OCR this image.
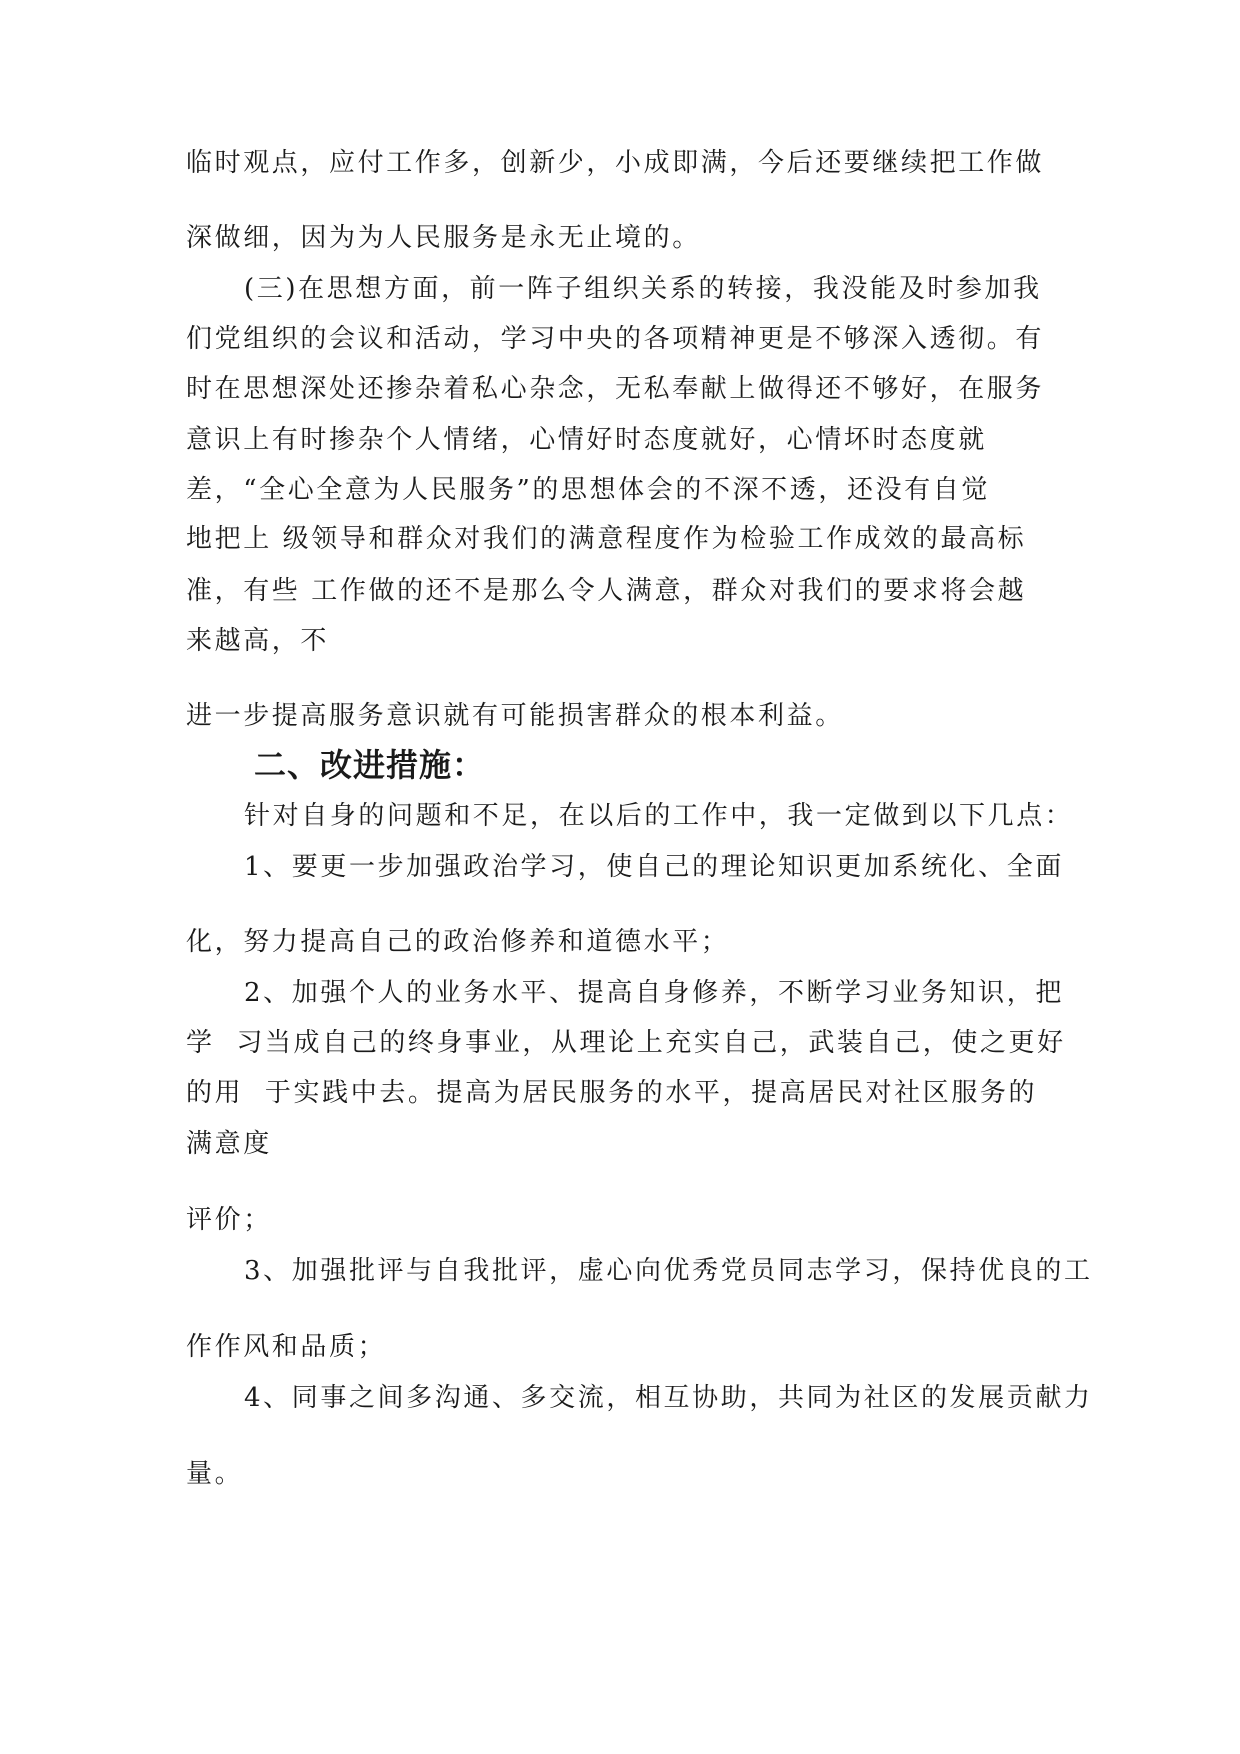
临时观点，应付工作多，创新少，小成即满，今后还要继续把工作做
深做细，因为为人民服务是永无止境的。
(三)在思想方面，前一阵子组织关系的转接，我没能及时参加我
们党组织的会议和活动，学习中央的各项精神更是不够深入透彻。有
时在思想深处还掺杂着私心杂念，无私奉献上做得还不够好，在服务
意识上有时掺杂个人情绪，心情好时态度就好，心情坏时态度就
差，“全心全意为人民服务”的思想体会的不深不透，还没有自觉
地把上 级领导和群众对我们的满意程度作为检验工作成效的最高标
准，有些 工作做的还不是那么令人满意，群众对我们的要求将会越
来越高，不
进一步提高服务意识就有可能损害群众的根本利益。
二、改进措施：
针对自身的问题和不足，在以后的工作中，我一定做到以下几点：
1、要更一步加强政治学习，使自己的理论知识更加系统化、全面
化，努力提高自己的政治修养和道德水平；
2、加强个人的业务水平、提高自身修养，不断学习业务知识，把
学  习当成自己的终身事业，从理论上充实自己，武装自己，使之更好
的用  于实践中去。提高为居民服务的水平，提高居民对社区服务的
满意度
评价；
3、加强批评与自我批评，虚心向优秀党员同志学习，保持优良的工
作作风和品质；
4、同事之间多沟通、多交流，相互协助，共同为社区的发展贡献力
量。
